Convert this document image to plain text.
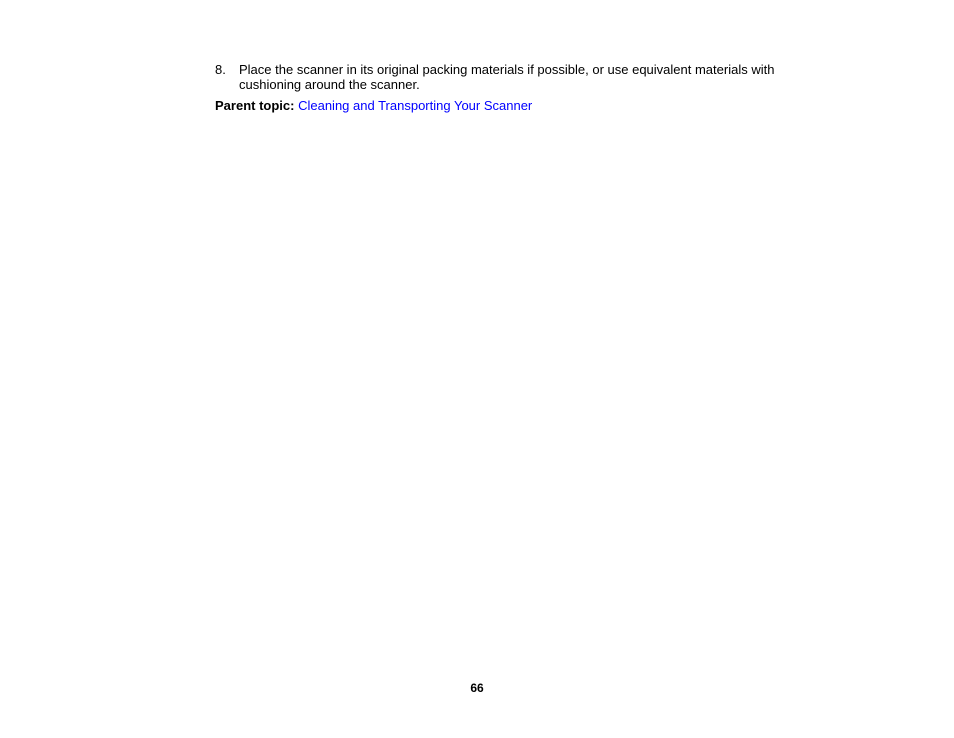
8. Place the scanner in its original packing materials if possible, or use equivalent materials with cushioning around the scanner.
Parent topic: Cleaning and Transporting Your Scanner
66
